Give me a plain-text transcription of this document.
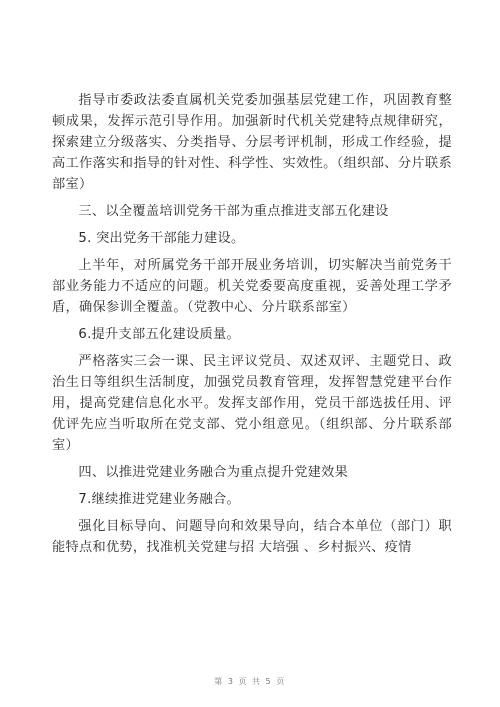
指导市委政法委直属机关党委加强基层党建工作，巩固教育整顿成果，发挥示范引导作用。加强新时代机关党建特点规律研究，探索建立分级落实、分类指导、分层考评机制，形成工作经验，提高工作落实和指导的针对性、科学性、实效性。（组织部、分片联系部室）

三、以全覆盖培训党务干部为重点推进支部五化建设

5. 突出党务干部能力建设。

上半年，对所属党务干部开展业务培训，切实解决当前党务干部业务能力不适应的问题。机关党委要高度重视，妥善处理工学矛盾，确保参训全覆盖。（党教中心、分片联系部室）

6.提升支部五化建设质量。

严格落实三会一课、民主评议党员、双述双评、主题党日、政治生日等组织生活制度，加强党员教育管理，发挥智慧党建平台作用，提高党建信息化水平。发挥支部作用，党员干部选拔任用、评优评先应当听取所在党支部、党小组意见。（组织部、分片联系部室）

四、以推进党建业务融合为重点提升党建效果

7.继续推进党建业务融合。

强化目标导向、问题导向和效果导向，结合本单位（部门）职能特点和优势，找准机关党建与招 大培强 、乡村振兴、疫情

第 3 页 共 5 页
